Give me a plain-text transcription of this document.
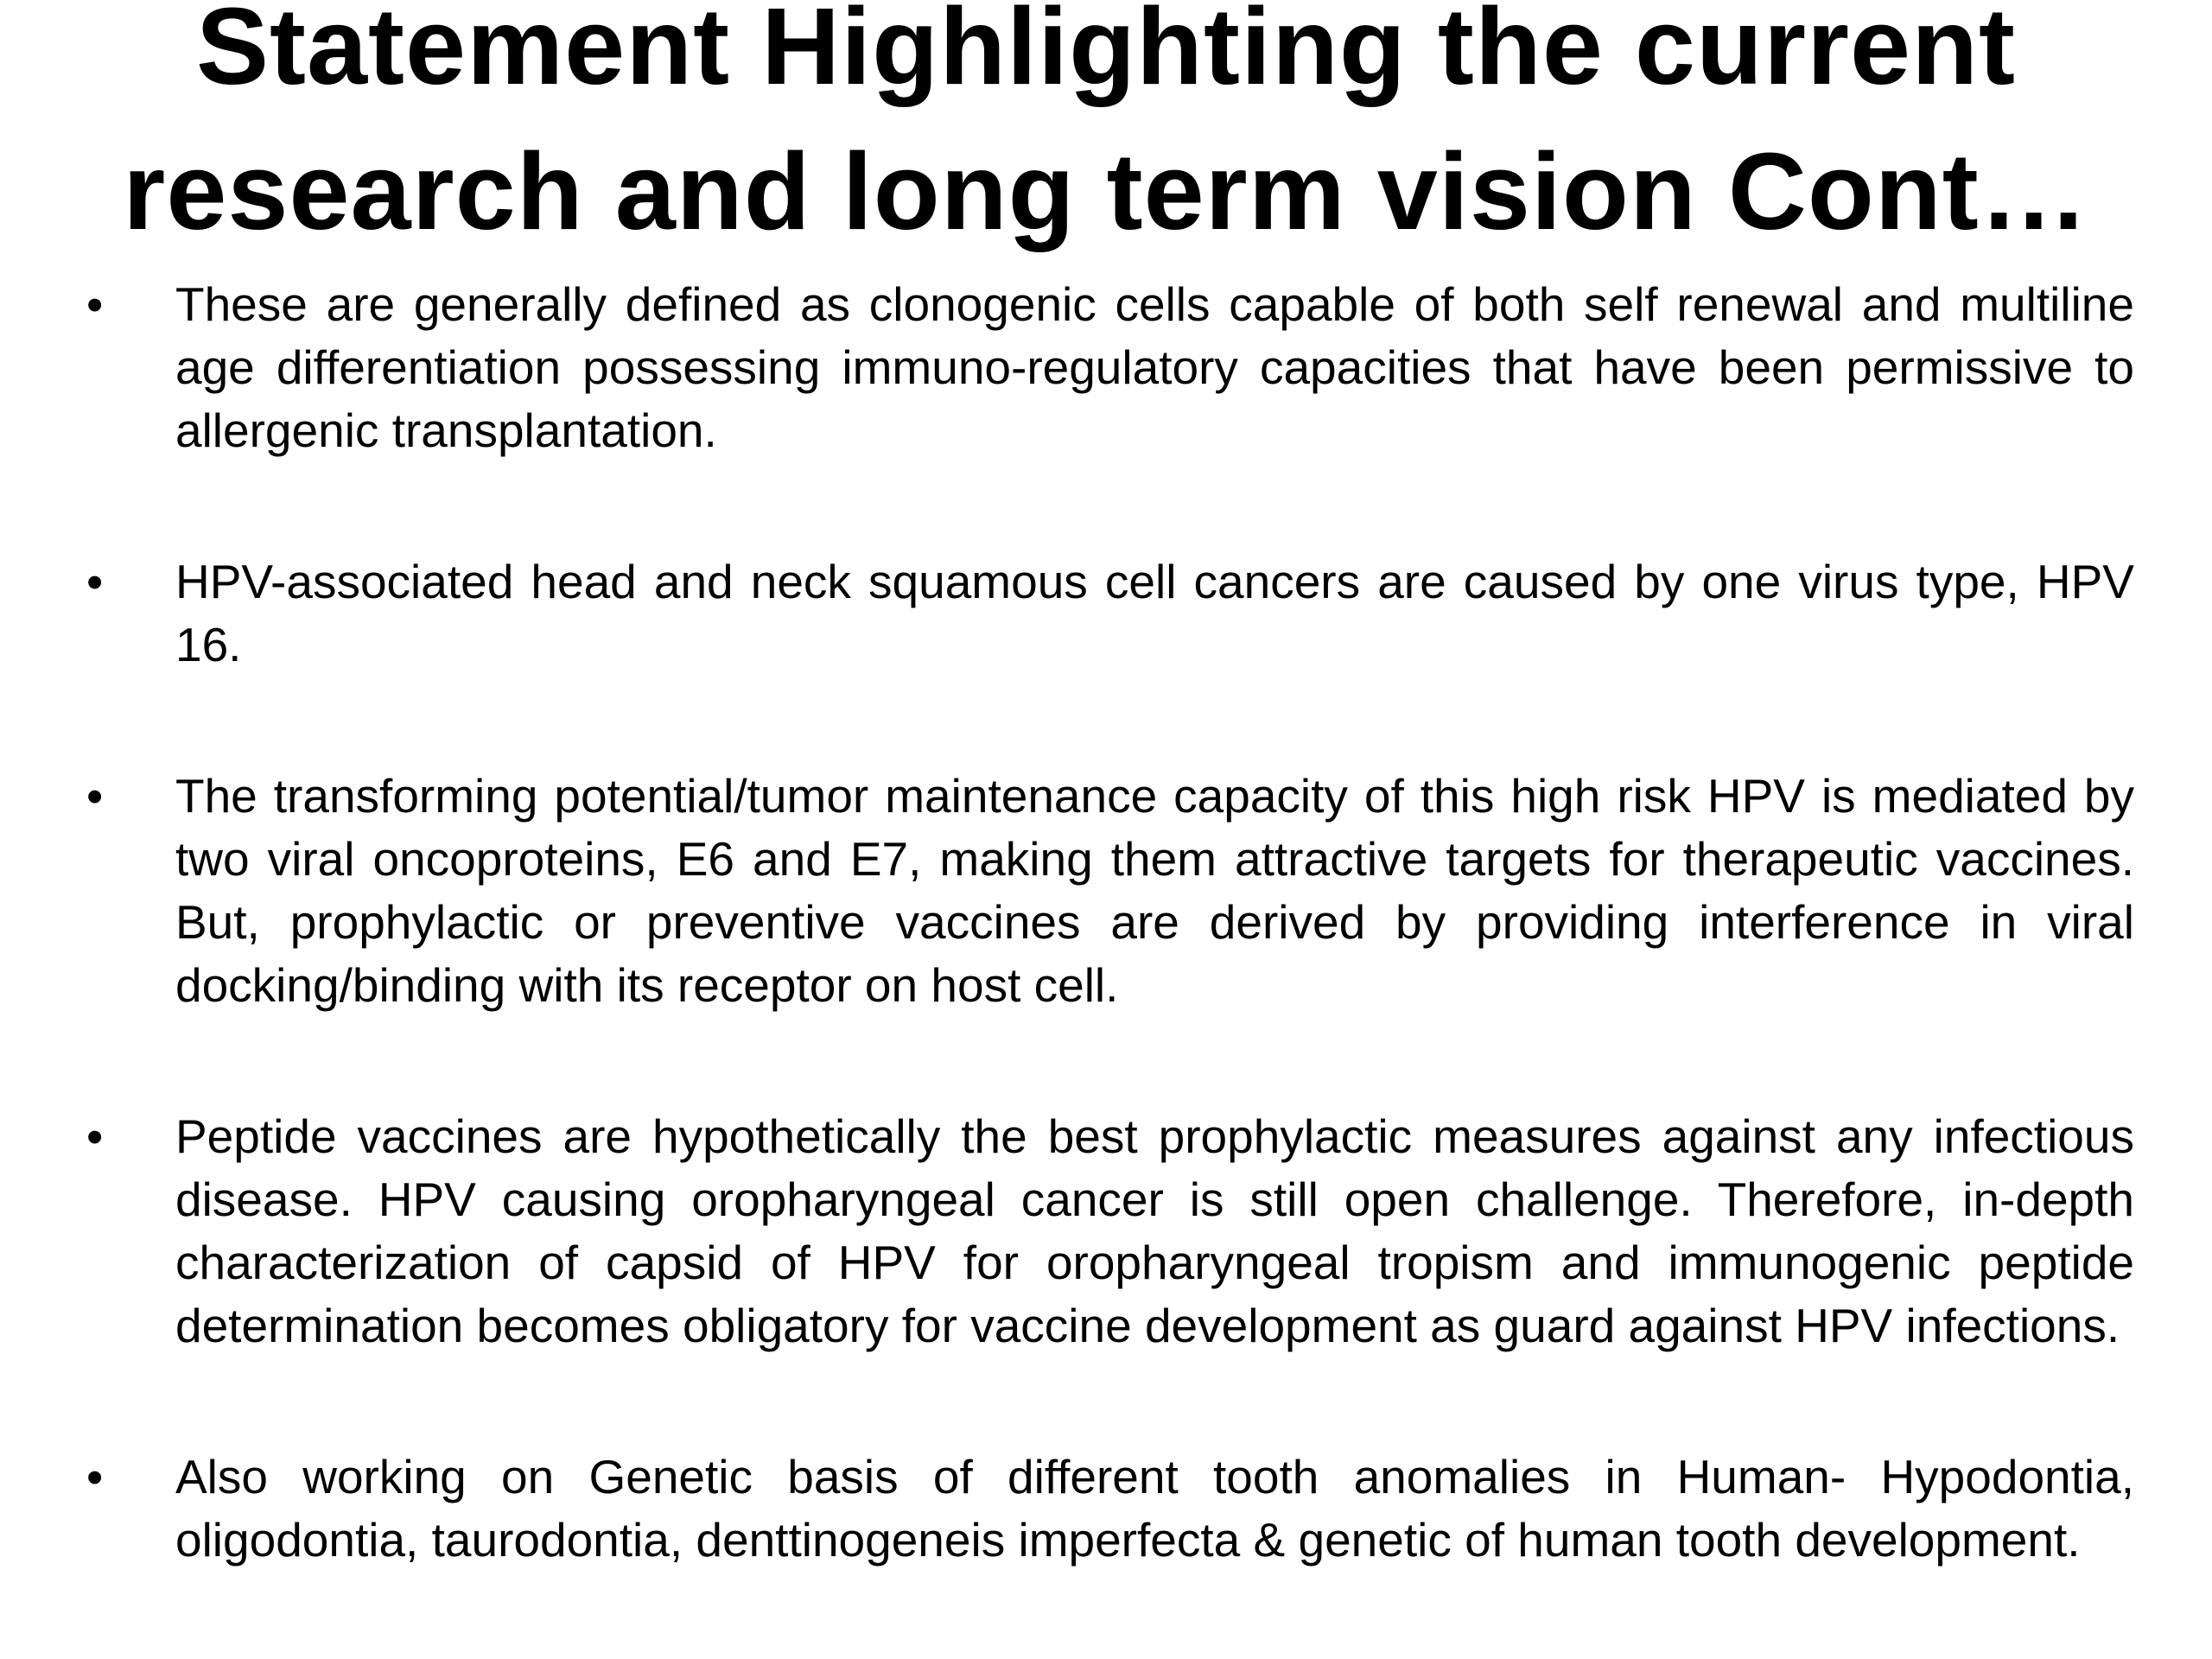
Statement Highlighting the current research and long term vision Cont…
•	These are generally defined as clonogenic cells capable of both self renewal and multiline age differentiation possessing immuno-regulatory capacities that have been permissive to allergenic transplantation.
•	HPV-associated head and neck squamous cell cancers are caused by one virus type, HPV 16.
•	The transforming potential/tumor maintenance capacity of this high risk HPV is mediated by two viral oncoproteins, E6 and E7, making them attractive targets for therapeutic vaccines. But, prophylactic or preventive vaccines are derived by providing interference in viral docking/binding with its receptor on host cell.
•	Peptide vaccines are hypothetically the best prophylactic measures against any infectious disease. HPV causing oropharyngeal cancer is still open challenge. Therefore, in-depth characterization of capsid of HPV for oropharyngeal tropism and immunogenic peptide determination becomes obligatory for vaccine development as guard against HPV infections.
•	Also working on Genetic basis of different tooth anomalies in Human- Hypodontia, oligodontia, taurodontia, denttinogeneis imperfecta & genetic of human tooth development.
